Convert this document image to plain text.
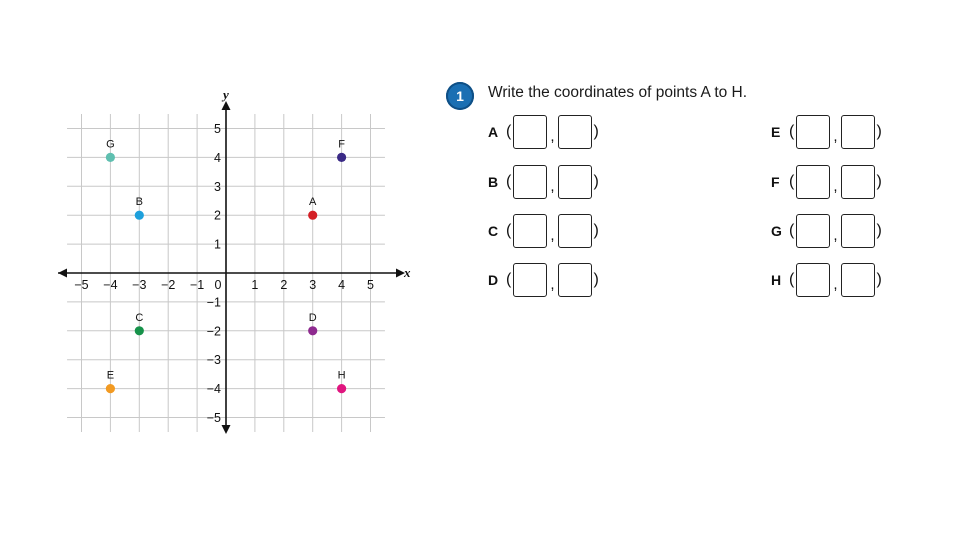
x
y
−5 −4 −3 −2 −1 0 1 2 3 4 5
5
4
3
2
1
−1
−2
−3
−4
−5
A
B
C	D
E
F
G
H
1	Write the coordinates of points A to H.
A (	, )
B (	, )
C (	, )
D (	, )
E (	, )
F (	, )
G (	, )
H (	, )
